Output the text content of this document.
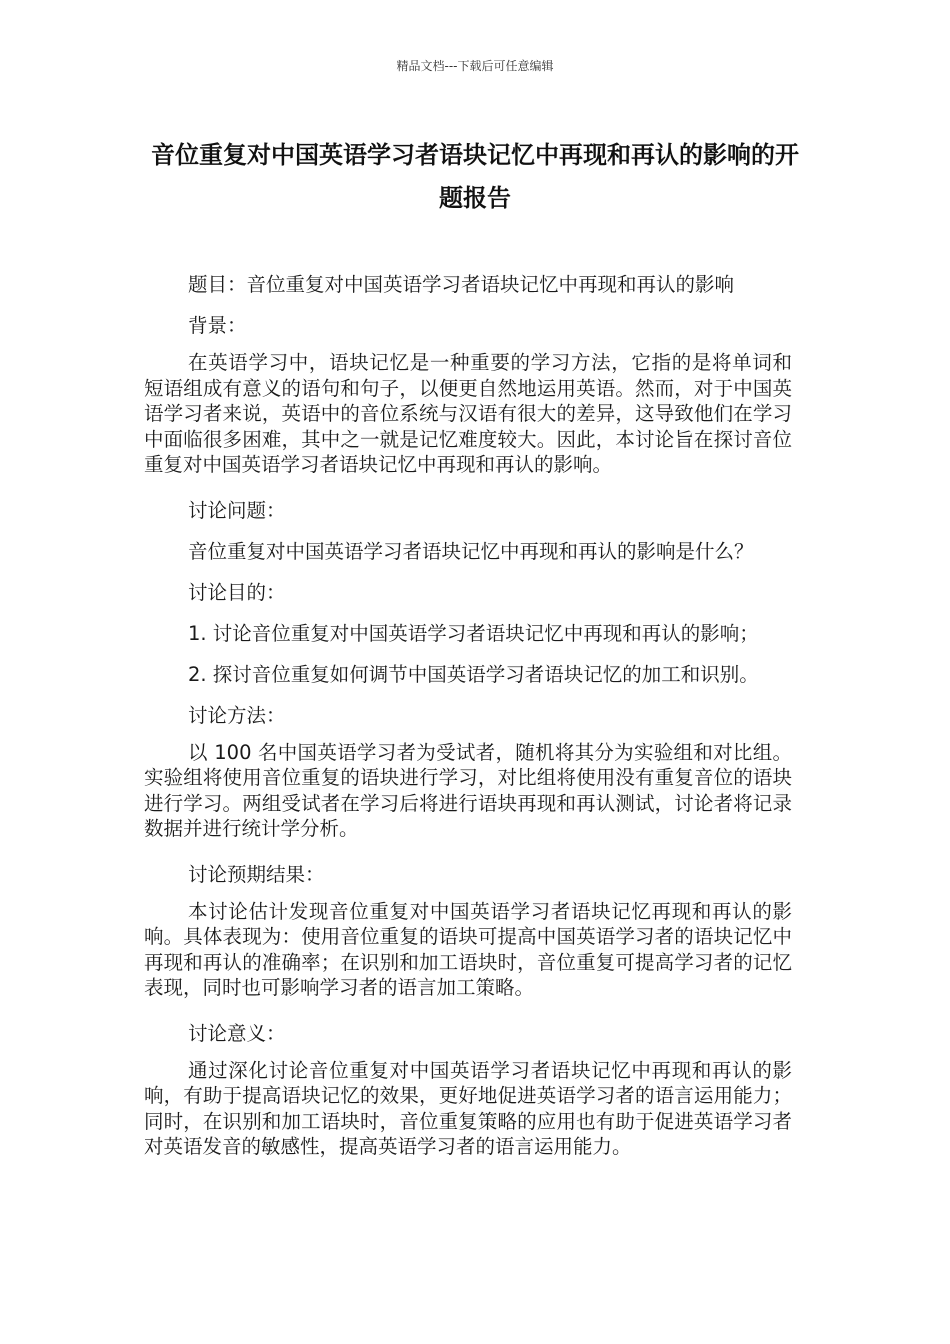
精品文档---下载后可任意编辑
音位重复对中国英语学习者语块记忆中再现和再认的影响的开题报告
题目：音位重复对中国英语学习者语块记忆中再现和再认的影响
背景：

在英语学习中，语块记忆是一种重要的学习方法，它指的是将单词和短语组成有意义的语句和句子，以便更自然地运用英语。然而，对于中国英语学习者来说，英语中的音位系统与汉语有很大的差异，这导致他们在学习中面临很多困难，其中之一就是记忆难度较大。因此，本讨论旨在探讨音位重复对中国英语学习者语块记忆中再现和再认的影响。

讨论问题：
音位重复对中国英语学习者语块记忆中再现和再认的影响是什么？
讨论目的：
1. 讨论音位重复对中国英语学习者语块记忆中再现和再认的影响；
2. 探讨音位重复如何调节中国英语学习者语块记忆的加工和识别。
讨论方法：

以 100 名中国英语学习者为受试者，随机将其分为实验组和对比组。实验组将使用音位重复的语块进行学习，对比组将使用没有重复音位的语块进行学习。两组受试者在学习后将进行语块再现和再认测试，讨论者将记录数据并进行统计学分析。

讨论预期结果：

本讨论估计发现音位重复对中国英语学习者语块记忆再现和再认的影响。具体表现为：使用音位重复的语块可提高中国英语学习者的语块记忆中再现和再认的准确率；在识别和加工语块时，音位重复可提高学习者的记忆表现，同时也可影响学习者的语言加工策略。

讨论意义：

通过深化讨论音位重复对中国英语学习者语块记忆中再现和再认的影响，有助于提高语块记忆的效果，更好地促进英语学习者的语言运用能力；同时，在识别和加工语块时，音位重复策略的应用也有助于促进英语学习者对英语发音的敏感性，提高英语学习者的语言运用能力。
